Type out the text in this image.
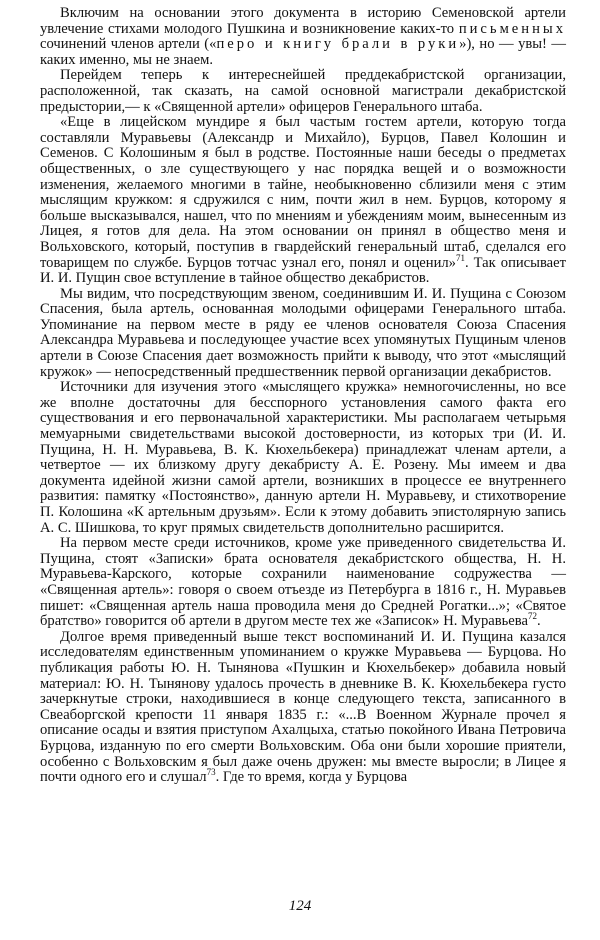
Включим на основании этого документа в историю Семеновской артели увлечение стихами молодого Пушкина и возникновение каких-то письменных сочинений членов артели («перо и книгу брали в руки»), но — увы! — каких именно, мы не знаем.

Перейдем теперь к интереснейшей преддекабристской организации, расположенной, так сказать, на самой основной магистрали декабристской предыстории,— к «Священной артели» офицеров Генерального штаба.

«Еще в лицейском мундире я был частым гостем артели, которую тогда составляли Муравьевы (Александр и Михайло), Бурцов, Павел Колошин и Семенов. С Колошиным я был в родстве. Постоянные наши беседы о предметах общественных, о зле существующего у нас порядка вещей и о возможности изменения, желаемого многими в тайне, необыкновенно сблизили меня с этим мыслящим кружком: я сдружился с ним, почти жил в нем. Бурцов, которому я больше высказывался, нашел, что по мнениям и убеждениям моим, вынесенным из Лицея, я готов для дела. На этом основании он принял в общество меня и Вольховского, который, поступив в гвардейский генеральный штаб, сделался его товарищем по службе. Бурцов тотчас узнал его, понял и оценил»$^{71}$. Так описывает И. И. Пущин свое вступление в тайное общество декабристов.

Мы видим, что посредствующим звеном, соединившим И. И. Пущина с Союзом Спасения, была артель, основанная молодыми офицерами Генерального штаба. Упоминание на первом месте в ряду ее членов основателя Союза Спасения Александра Муравьева и последующее участие всех упомянутых Пущиным членов артели в Союзе Спасения дает возможность прийти к выводу, что этот «мыслящий кружок» — непосредственный предшественник первой организации декабристов.

Источники для изучения этого «мыслящего кружка» немногочисленны, но все же вполне достаточны для бесспорного установления самого факта его существования и его первоначальной характеристики. Мы располагаем четырьмя мемуарными свидетельствами высокой достоверности, из которых три (И. И. Пущина, Н. Н. Муравьева, В. К. Кюхельбекера) принадлежат членам артели, а четвертое — их близкому другу декабристу А. Е. Розену. Мы имеем и два документа идейной жизни самой артели, возникших в процессе ее внутреннего развития: памятку «Постоянство», данную артели Н. Муравьеву, и стихотворение П. Колошина «К артельным друзьям». Если к этому добавить эпистолярную запись А. С. Шишкова, то круг прямых свидетельств дополнительно расширится.

На первом месте среди источников, кроме уже приведенного свидетельства И. Пущина, стоят «Записки» брата основателя декабристского общества, Н. Н. Муравьева-Карского, которые сохранили наименование содружества — «Священная артель»: говоря о своем отъезде из Петербурга в 1816 г., Н. Муравьев пишет: «Священная артель наша проводила меня до Средней Рогатки...»; «Святое братство» говорится об артели в другом месте тех же «Записок» Н. Муравьева$^{72}$.

Долгое время приведенный выше текст воспоминаний И. И. Пущина казался исследователям единственным упоминанием о кружке Муравьева — Бурцова. Но публикация работы Ю. Н. Тынянова «Пушкин и Кюхельбекер» добавила новый материал: Ю. Н. Тынянову удалось прочесть в дневнике В. К. Кюхельбекера густо зачеркнутые строки, находившиеся в конце следующего текста, записанного в Свеаборгской крепости 11 января 1835 г.: «...В Военном Журнале прочел я описание осады и взятия приступом Ахалцыха, статью покойного Ивана Петровича Бурцова, изданную по его смерти Вольховским. Оба они были хорошие приятели, особенно с Вольховским я был даже очень дружен: мы вместе выросли; в Лицее я почти одного его и слушал$^{73}$. Где то время, когда у Бурцова

124
